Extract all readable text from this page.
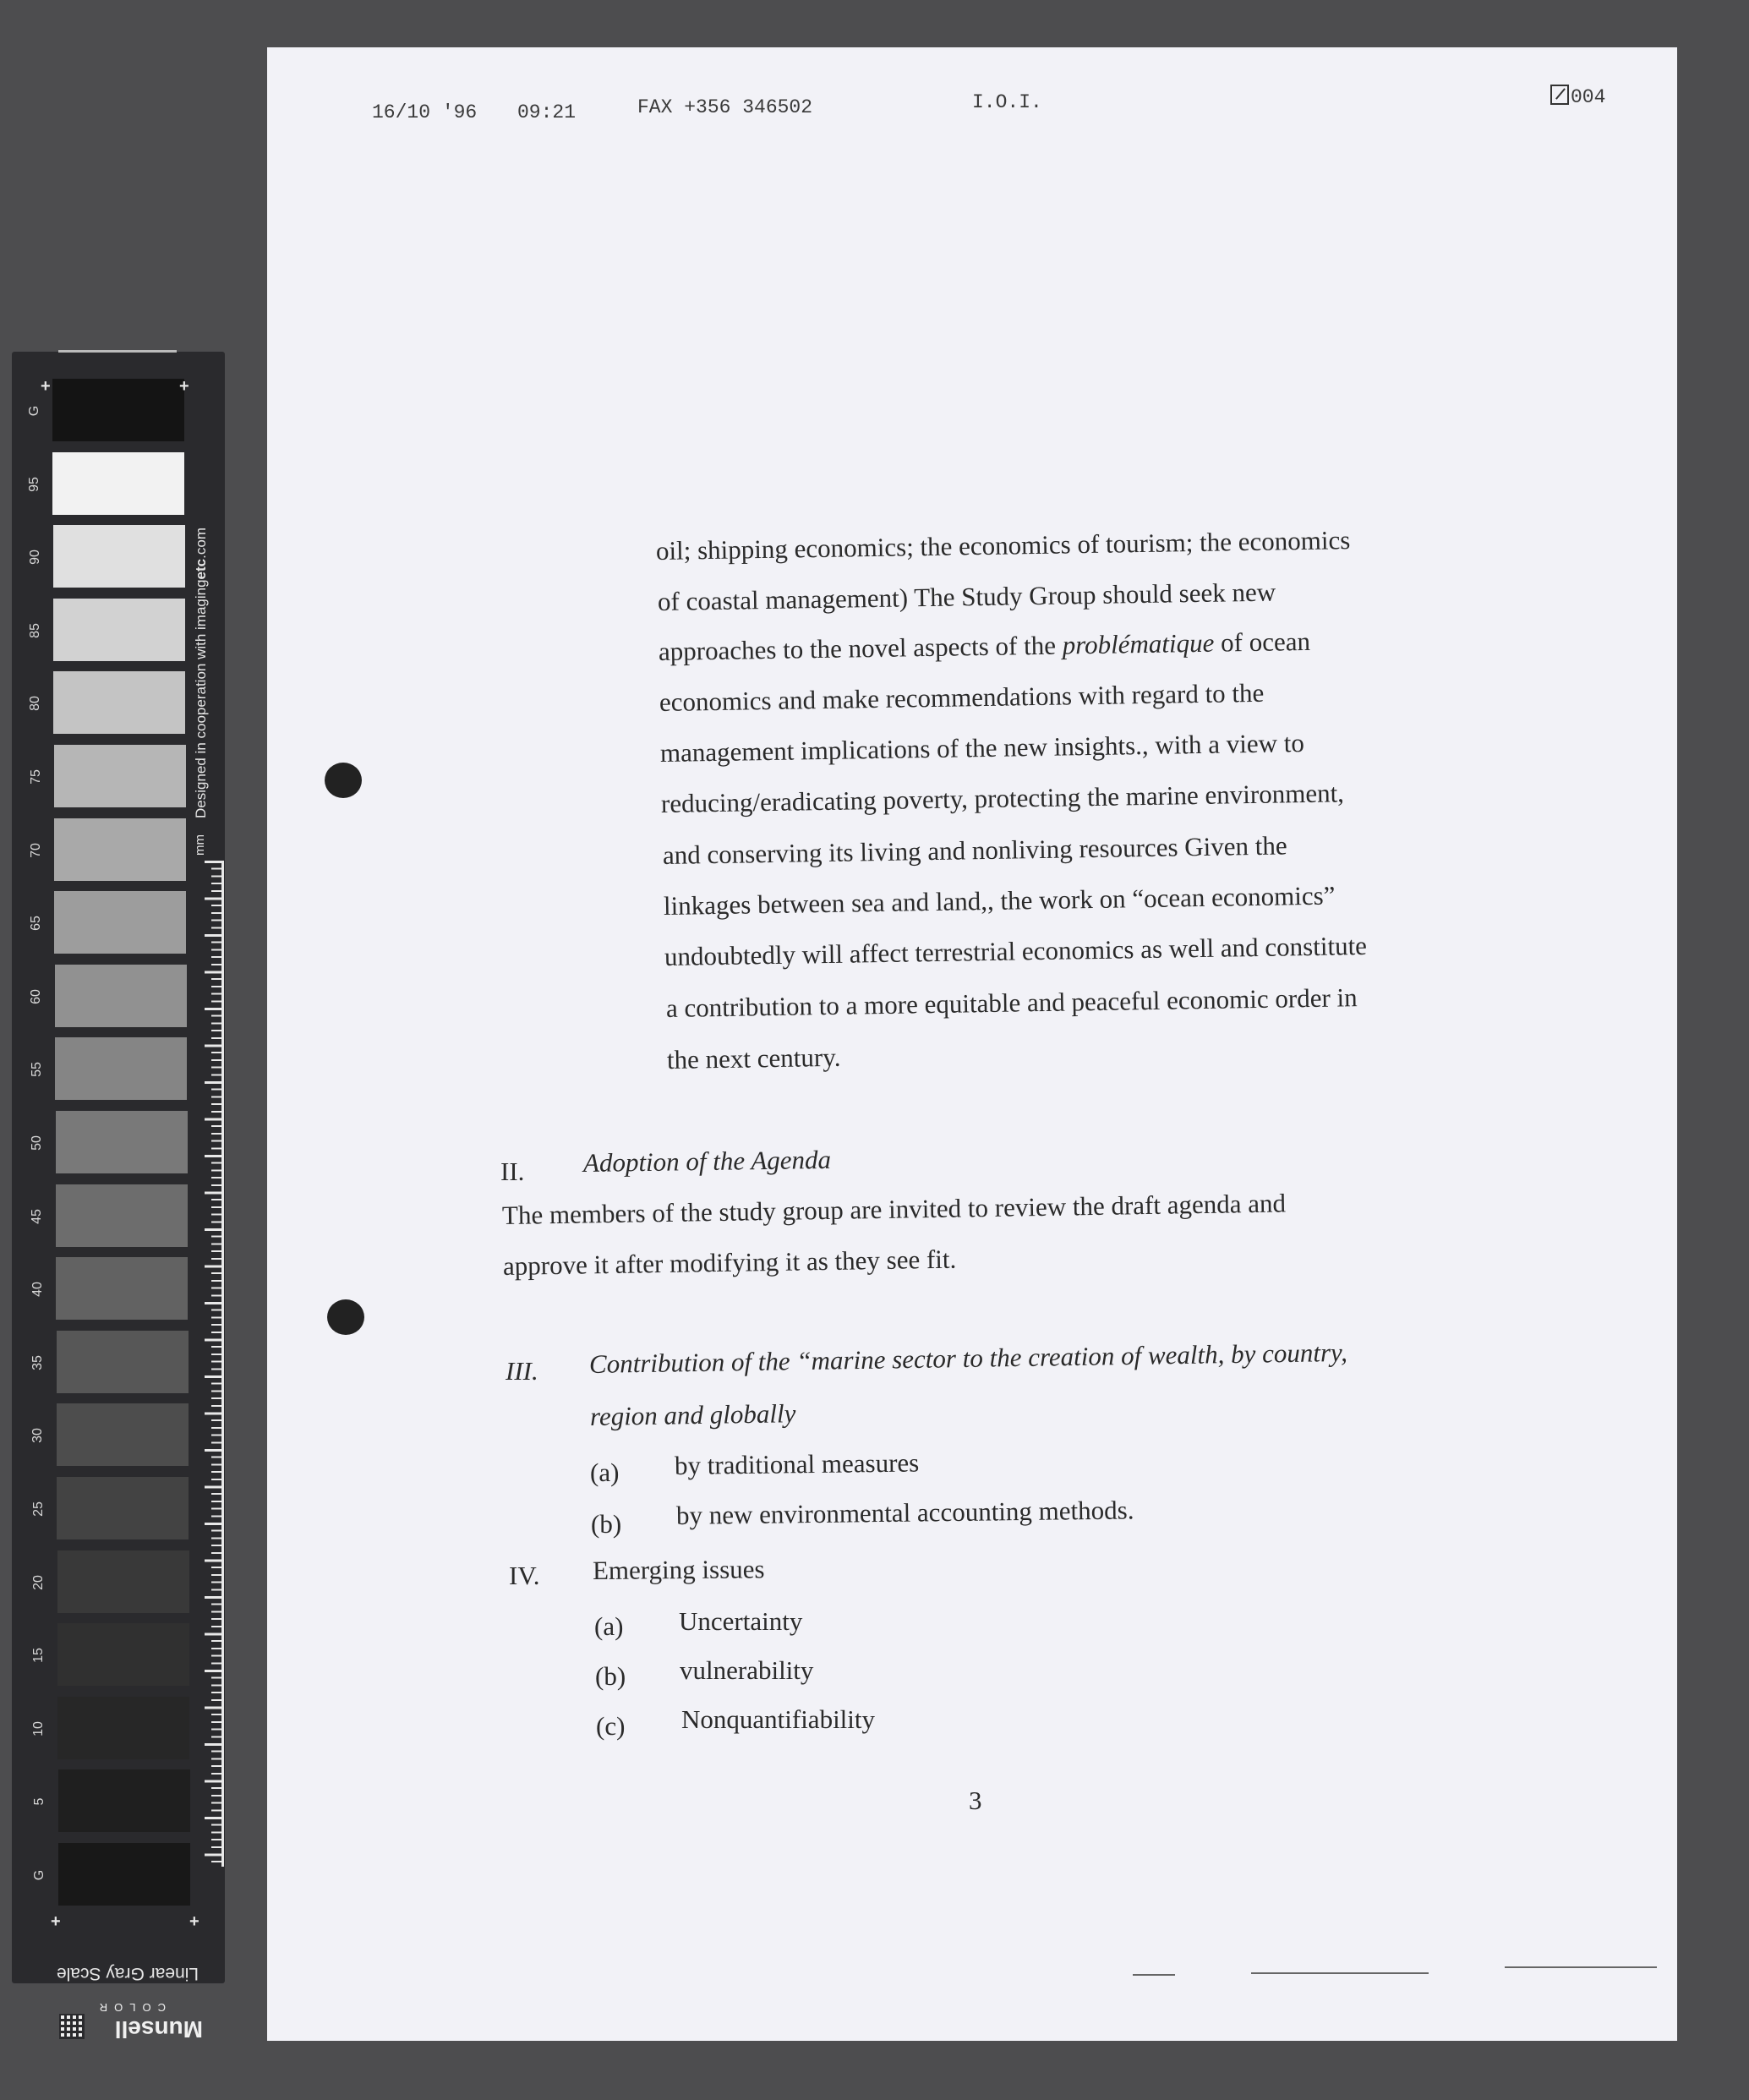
G
95
90
85
80
75
70
65
60
55
50
45
40
35
30
25
20
15
10
5
G
Designed in cooperation with imagingetc.com
mm
Linear Gray Scale
Munsell
COLOR
+	+
+	+
16/10 '96 09:21	FAX +356 346502	I.O.I.	004
oil; shipping economics; the economics of tourism; the economics
of coastal management) The Study Group should seek new
approaches to the novel aspects of the problématique of ocean
economics and make recommendations with regard to the
management implications of the new insights., with a view to
reducing/eradicating poverty, protecting the marine environment,
and conserving its living and nonliving resources Given the
linkages between sea and land,, the work on “ocean economics”
undoubtedly will affect terrestrial economics as well and constitute
a contribution to a more equitable and peaceful economic order in
the next century.
II. Adoption of the Agenda
The members of the study group are invited to review the draft agenda and
approve it after modifying it as they see fit.
III. Contribution of the “marine sector to the creation of wealth, by country,
region and globally
(a) by traditional measures
(b) by new environmental accounting methods.
IV. Emerging issues
(a) Uncertainty
(b) vulnerability
(c) Nonquantifiability
3
